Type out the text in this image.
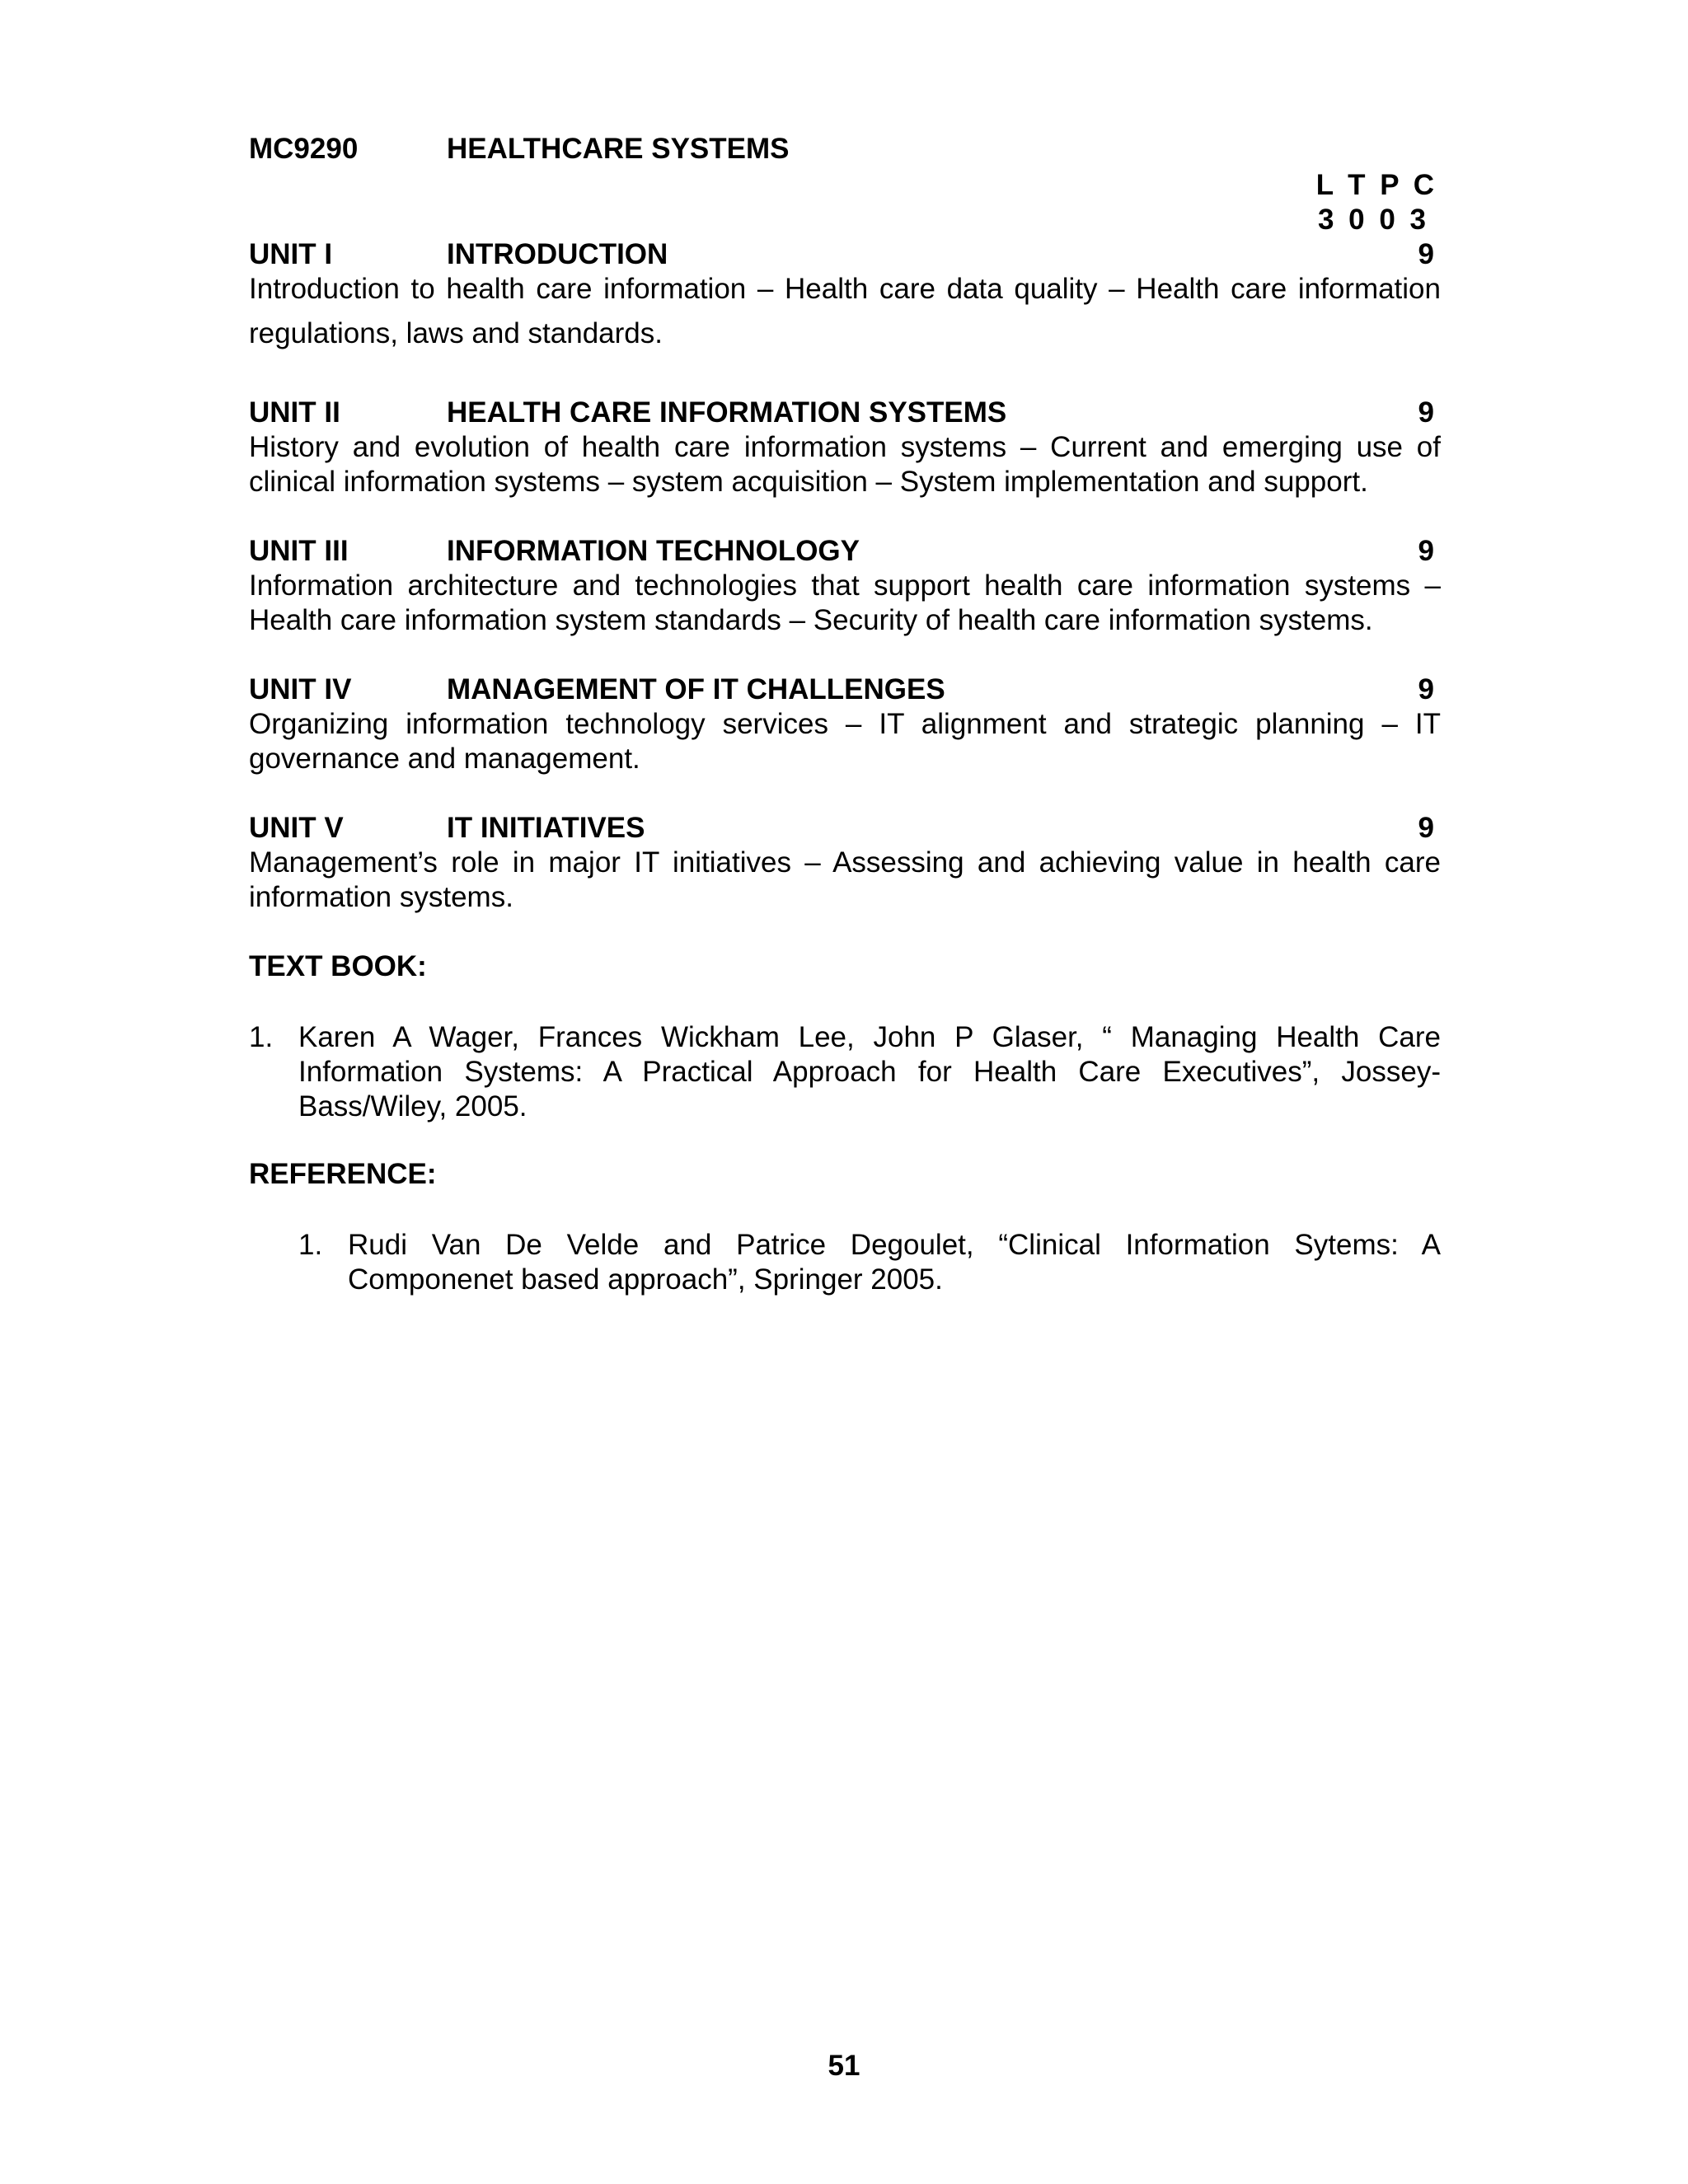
MC9290	HEALTHCARE SYSTEMS
L T P C
3 0 0 3
UNIT I	INTRODUCTION	9

Introduction to health care information – Health care data quality – Health care information regulations, laws and standards.

UNIT II	HEALTH CARE INFORMATION SYSTEMS	9

History and evolution of health care information systems – Current and emerging use of clinical information systems – system acquisition – System implementation and support.

UNIT III	INFORMATION TECHNOLOGY	9

Information architecture and technologies that support health care information systems – Health care information system standards – Security of health care information systems.

UNIT IV	MANAGEMENT OF IT CHALLENGES	9

Organizing information technology services – IT alignment and strategic planning – IT governance and management.

UNIT V	IT INITIATIVES	9

Management’s role in major IT initiatives – Assessing and achieving value in health care information systems.

TEXT BOOK:
1. Karen A Wager, Frances Wickham Lee, John P Glaser, “ Managing Health Care Information Systems: A Practical Approach for Health Care Executives”, Jossey-Bass/Wiley, 2005.
REFERENCE:
1. Rudi Van De Velde and Patrice Degoulet, “Clinical Information Sytems: A Componenet based approach”, Springer 2005.
51
